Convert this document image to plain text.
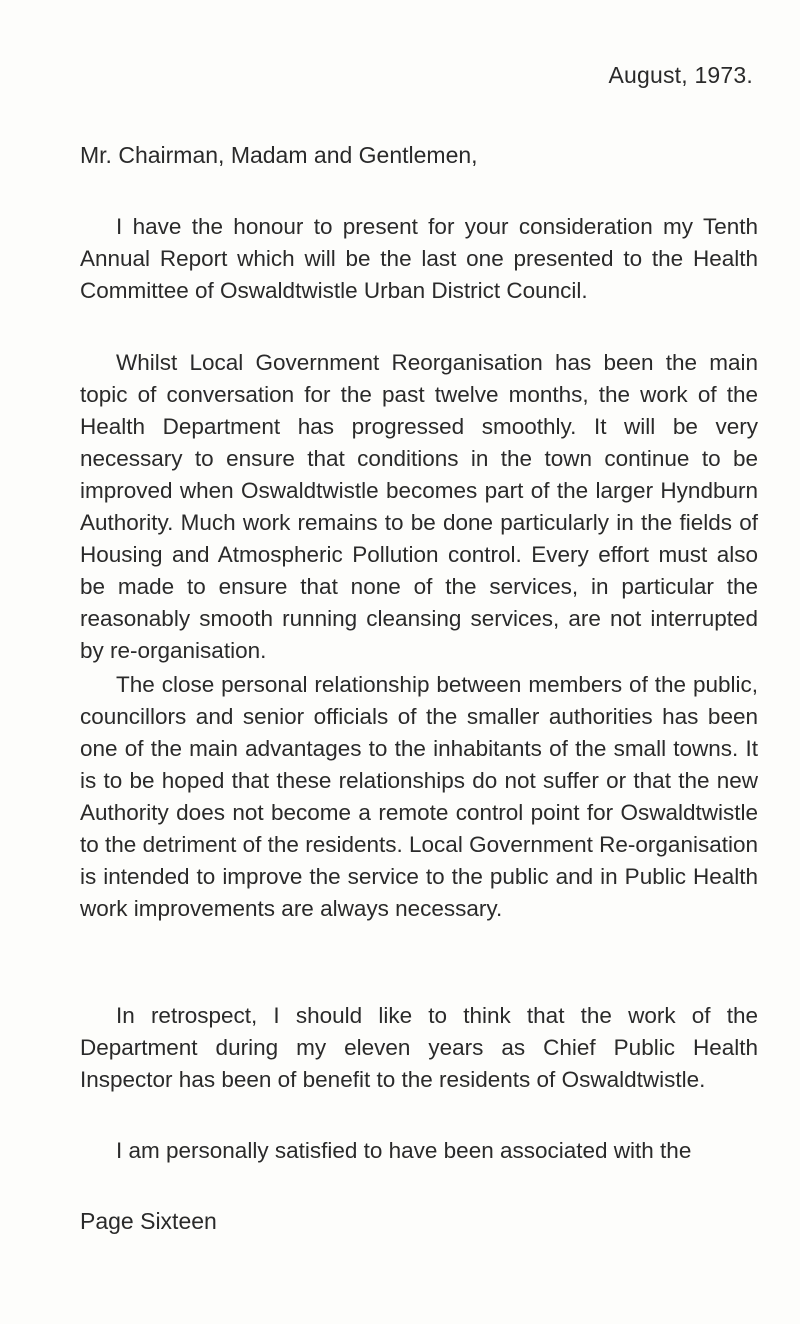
August, 1973.

Mr. Chairman, Madam and Gentlemen,

I have the honour to present for your consideration my Tenth Annual Report which will be the last one presented to the Health Committee of Oswaldtwistle Urban District Council.

Whilst Local Government Reorganisation has been the main topic of conversation for the past twelve months, the work of the Health Department has progressed smoothly. It will be very necessary to ensure that conditions in the town continue to be improved when Oswaldtwistle becomes part of the larger Hyndburn Authority. Much work remains to be done particularly in the fields of Housing and Atmospheric Pollution control. Every effort must also be made to ensure that none of the services, in particular the reasonably smooth running cleansing services, are not interrupted by re-organisation.

The close personal relationship between members of the public, councillors and senior officials of the smaller authorities has been one of the main advantages to the inhabitants of the small towns. It is to be hoped that these relationships do not suffer or that the new Authority does not become a remote control point for Oswaldtwistle to the detriment of the residents. Local Government Re-organisation is intended to improve the service to the public and in Public Health work improvements are always necessary.

In retrospect, I should like to think that the work of the Department during my eleven years as Chief Public Health Inspector has been of benefit to the residents of Oswaldtwistle.

I am personally satisfied to have been associated with the

Page Sixteen
